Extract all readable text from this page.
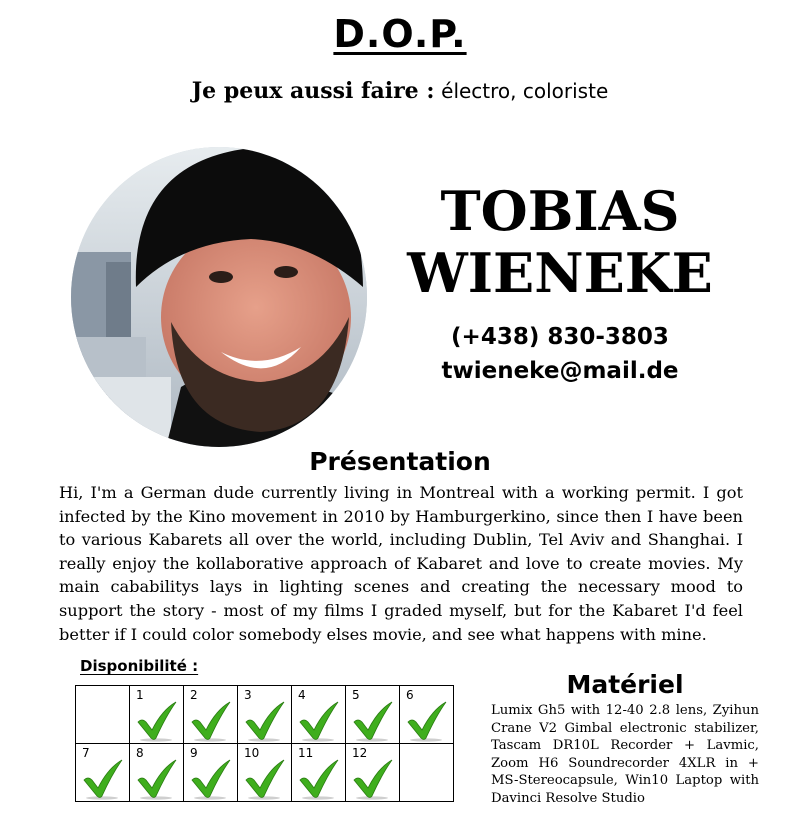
D.O.P.
Je peux aussi faire : électro, coloriste
TOBIAS
WIENEKE
(+438) 830-3803
twieneke@mail.de
Présentation
Hi, I'm a German dude currently living in Montreal with a working permit. I got infected by the Kino movement in 2010 by Hamburgerkino, since then I have been to various Kabarets all over the world, including Dublin, Tel Aviv and Shanghai. I really enjoy the kollaborative approach of Kabaret and love to create movies. My main cababilitys lays in lighting scenes and creating the necessary mood to support the story - most of my films I graded myself, but for the Kabaret I'd feel better if I could color somebody elses movie, and see what happens with mine.
Disponibilité :

	1	2	3	4	5	6

7	8	9	10	11	12	

Matériel
Lumix Gh5 with 12-40 2.8 lens, Zyihun Crane V2 Gimbal electronic stabilizer, Tascam DR10L Recorder + Lavmic, Zoom H6 Soundrecorder 4XLR in + MS-Stereocapsule, Win10 Laptop with Davinci Resolve Studio
